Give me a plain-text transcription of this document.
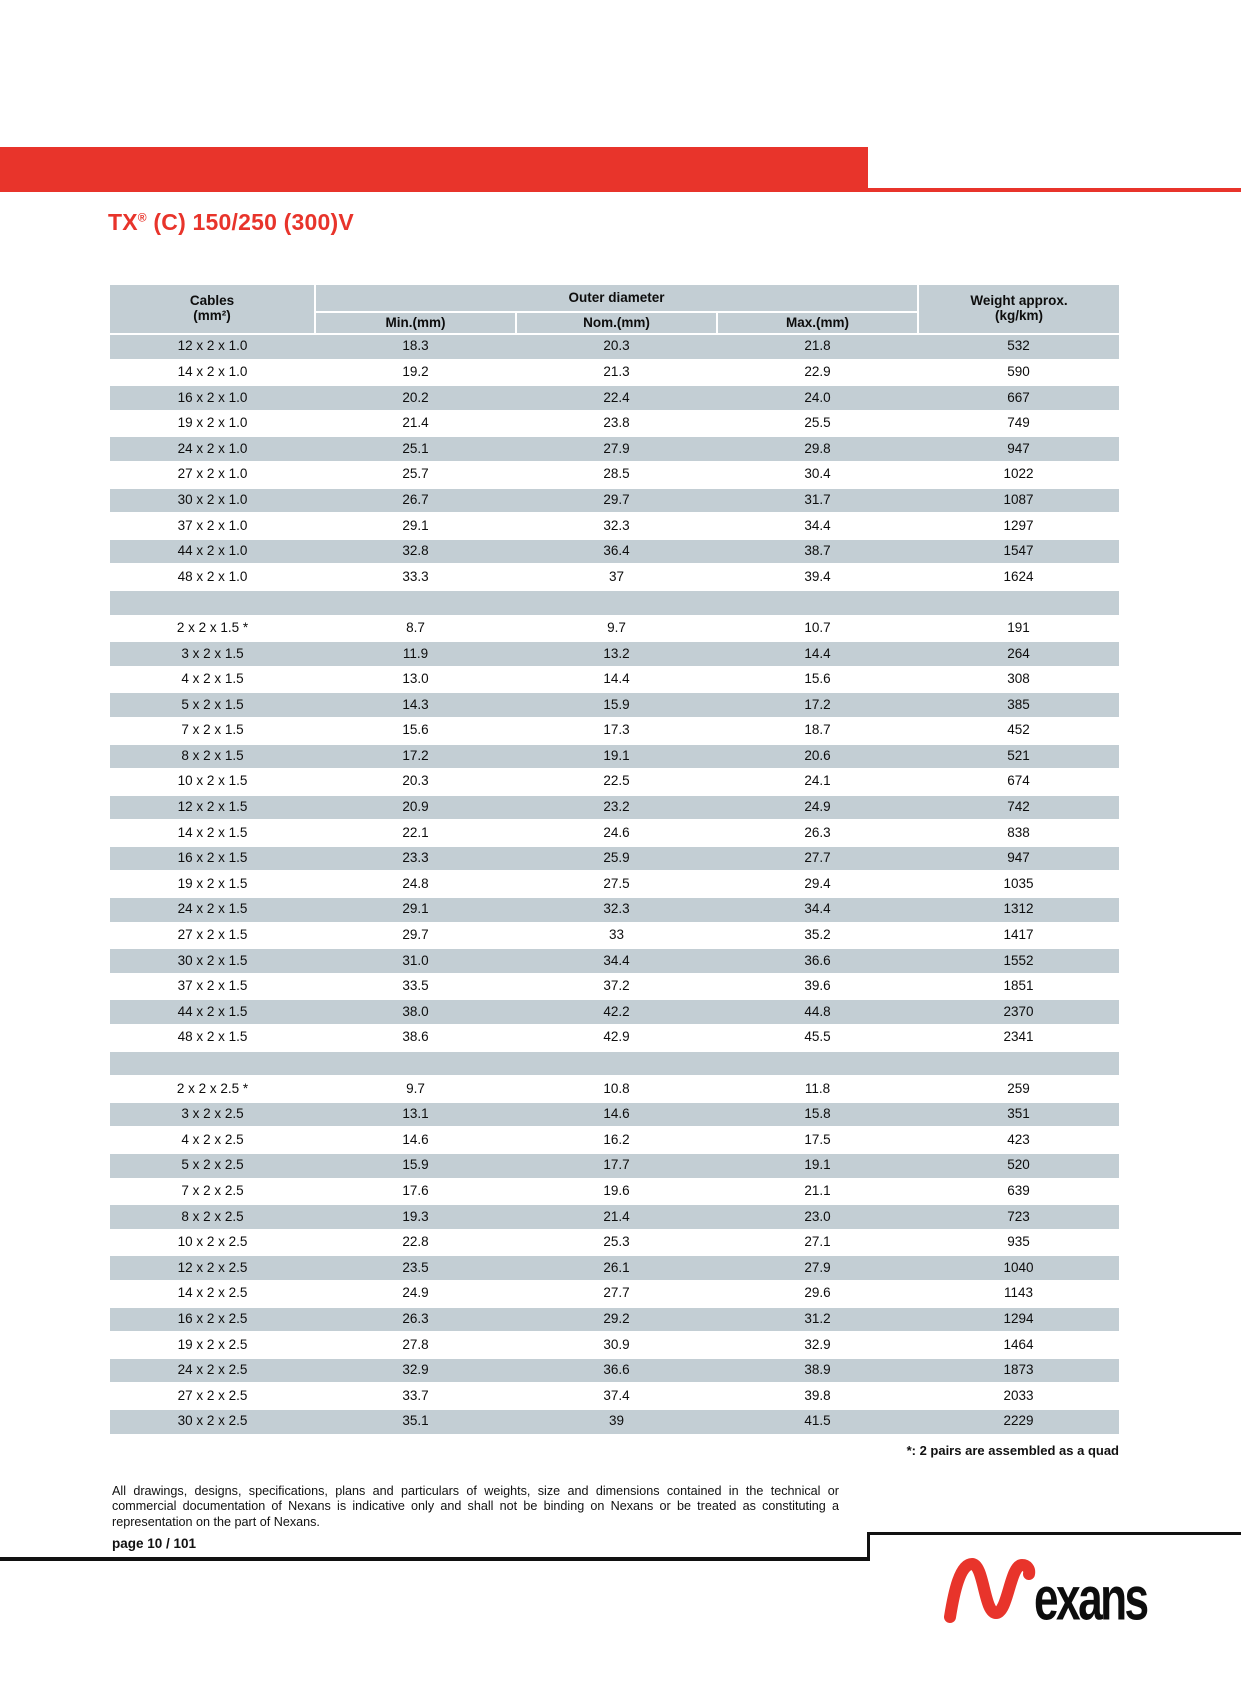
TX® (C) 150/250 (300)V
Cables
(mm²)	Outer diameter			Weight approx.
(kg/km)
	Min.(mm)	Nom.(mm)	Max.(mm)	
12 x 2 x 1.0	18.3	20.3	21.8	532
14 x 2 x 1.0	19.2	21.3	22.9	590
16 x 2 x 1.0	20.2	22.4	24.0	667
19 x 2 x 1.0	21.4	23.8	25.5	749
24 x 2 x 1.0	25.1	27.9	29.8	947
27 x 2 x 1.0	25.7	28.5	30.4	1022
30 x 2 x 1.0	26.7	29.7	31.7	1087
37 x 2 x 1.0	29.1	32.3	34.4	1297
44 x 2 x 1.0	32.8	36.4	38.7	1547
48 x 2 x 1.0	33.3	37	39.4	1624

2 x 2 x 1.5 *	8.7	9.7	10.7	191
3 x 2 x 1.5	11.9	13.2	14.4	264
4 x 2 x 1.5	13.0	14.4	15.6	308
5 x 2 x 1.5	14.3	15.9	17.2	385
7 x 2 x 1.5	15.6	17.3	18.7	452
8 x 2 x 1.5	17.2	19.1	20.6	521
10 x 2 x 1.5	20.3	22.5	24.1	674
12 x 2 x 1.5	20.9	23.2	24.9	742
14 x 2 x 1.5	22.1	24.6	26.3	838
16 x 2 x 1.5	23.3	25.9	27.7	947
19 x 2 x 1.5	24.8	27.5	29.4	1035
24 x 2 x 1.5	29.1	32.3	34.4	1312
27 x 2 x 1.5	29.7	33	35.2	1417
30 x 2 x 1.5	31.0	34.4	36.6	1552
37 x 2 x 1.5	33.5	37.2	39.6	1851
44 x 2 x 1.5	38.0	42.2	44.8	2370
48 x 2 x 1.5	38.6	42.9	45.5	2341

2 x 2 x 2.5 *	9.7	10.8	11.8	259
3 x 2 x 2.5	13.1	14.6	15.8	351
4 x 2 x 2.5	14.6	16.2	17.5	423
5 x 2 x 2.5	15.9	17.7	19.1	520
7 x 2 x 2.5	17.6	19.6	21.1	639
8 x 2 x 2.5	19.3	21.4	23.0	723
10 x 2 x 2.5	22.8	25.3	27.1	935
12 x 2 x 2.5	23.5	26.1	27.9	1040
14 x 2 x 2.5	24.9	27.7	29.6	1143
16 x 2 x 2.5	26.3	29.2	31.2	1294
19 x 2 x 2.5	27.8	30.9	32.9	1464
24 x 2 x 2.5	32.9	36.6	38.9	1873
27 x 2 x 2.5	33.7	37.4	39.8	2033
30 x 2 x 2.5	35.1	39	41.5	2229
*: 2 pairs are assembled as a quad
All drawings, designs, specifications, plans and particulars of weights, size and dimensions contained in the technical or commercial documentation of Nexans is indicative only and shall not be binding on Nexans or be treated as constituting a representation on the part of Nexans.
page 10 / 101
exans
